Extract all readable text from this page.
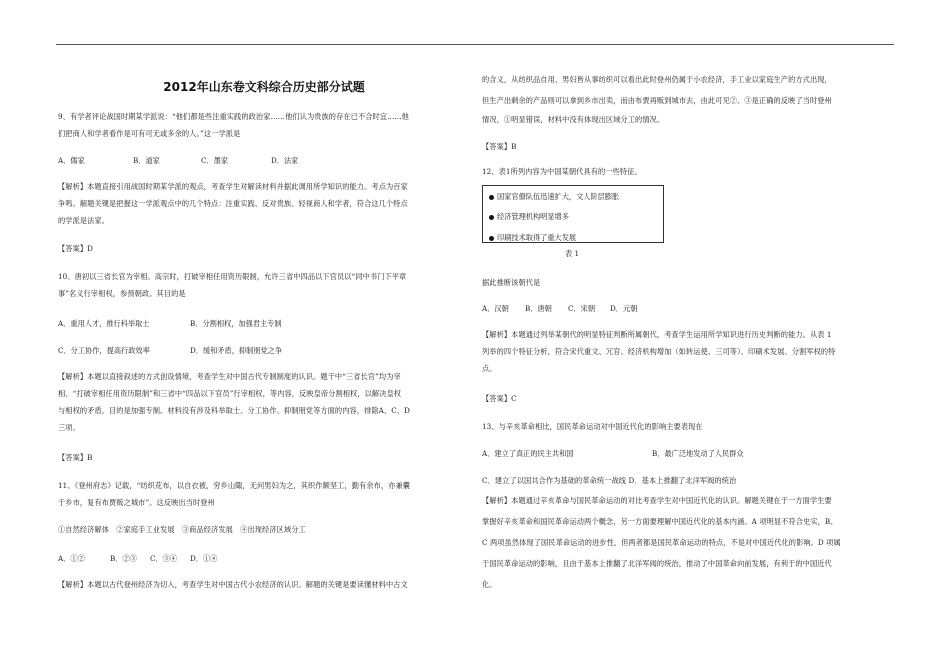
2012年山东卷文科综合历史部分试题
9、有学者评论战国时期某学派说：“他们都是些注重实践的政治家……他们认为贵族的存在已不合时宜……他
们把商人和学者看作是可有可无或多余的人。”这一学派是
A．儒家	B．道家	C．墨家	D．法家
【解析】本题直接引用战国时期某学派的观点，考查学生对解读材料并据此调用所学知识的能力。考点为百家
争鸣。解题关键是把握这一学派观点中的几个特点：注重实践、反对贵族、轻视商人和学者，符合这几个特点
的学派是法家。
【答案】D
10、唐初以三省长官为宰相。高宗时，打破宰相任用资历限制，允许三省中四品以下官员以“同中书门下平章
事”名义行宰相权，参预朝政。其目的是
A．重用人才，推行科举取士	B．分割相权，加强君主专制
C．分工协作，提高行政效率	D．缓和矛盾，抑制朋党之争
【解析】本题以直接叙述的方式创设情境，考查学生对中国古代专制制度的认识。题干中“三省长官”均为宰
相、“打破宰相任用资历限制”和三省中“四品以下官员”行宰相权，等内容，反映皇帝分割相权，以解决皇权
与相权的矛盾，目的是加强专制。材料没有涉及科举取士、分工协作、抑制朋党等方面的内容，排除A、C、D
三项。
【答案】B
11、《登州府志》记载，“纺织花布，以自衣被，穷乡山陬，无问男妇为之，其织作颇坚工，勤有余布，亦兼囊
于乡市，复有布贾贩之城市”。这反映出当时登州
①自然经济解体　②家庭手工业发展　③商品经济发展　④出现经济区域分工
A．①②	B．②③ C．③④ D．①④
【解析】本题以古代登州经济为切入，考查学生对中国古代小农经济的认识。解题的关键是要读懂材料中古文
的含义，从纺织品自用、男妇皆从事纺织可以看出此时登州仍属于小农经济，手工业以家庭生产的方式出现，
但生产出剩余的产品则可以拿到乡市出卖，而由布贾再贩到城市去，由此可见②、③是正确的反映了当时登州
情况，①明显错误，材料中没有体现出区域分工的情况。
【答案】B
12、表1所列内容为中国某朝代具有的一些特征。
国家官僚队伍迅速扩大，文人阶层膨胀
经济管理机构明显增多
印刷技术取得了重大发展
表 1
据此推断该朝代是
A．汉朝 B．唐朝 C．宋朝 D．元朝
【解析】本题通过列举某朝代的明显特征判断所属朝代，考查学生运用所学知识进行历史判断的能力。从表 1
列举的四个特征分析，符合宋代重文、冗官、经济机构增加（如转运使、三司等）、印刷术发展、分割军权的特
点。
【答案】C
13、与辛亥革命相比，国民革命运动对中国近代化的影响主要表现在
A．建立了真正的民主共和国	B．最广泛地发动了人民群众
C．建立了以国共合作为基础的革命统一战线 D．基本上推翻了北洋军阀的统治
【解析】本题通过辛亥革命与国民革命运动的对比考查学生对中国近代化的认识。解题关键在于一方面学生要
掌握好辛亥革命和国民革命运动两个概念，另一方面要理解中国近代化的基本内涵。A 项明显不符合史实，B、
C 两项虽然体现了国民革命运动的进步性，但两者都是国民革命运动的特点，不是对中国近代化的影响。D 项属
于国民革命运动的影响，且由于基本上推翻了北洋军阀的统治，推动了中国革命向前发展，有利于的中国近代
化。
